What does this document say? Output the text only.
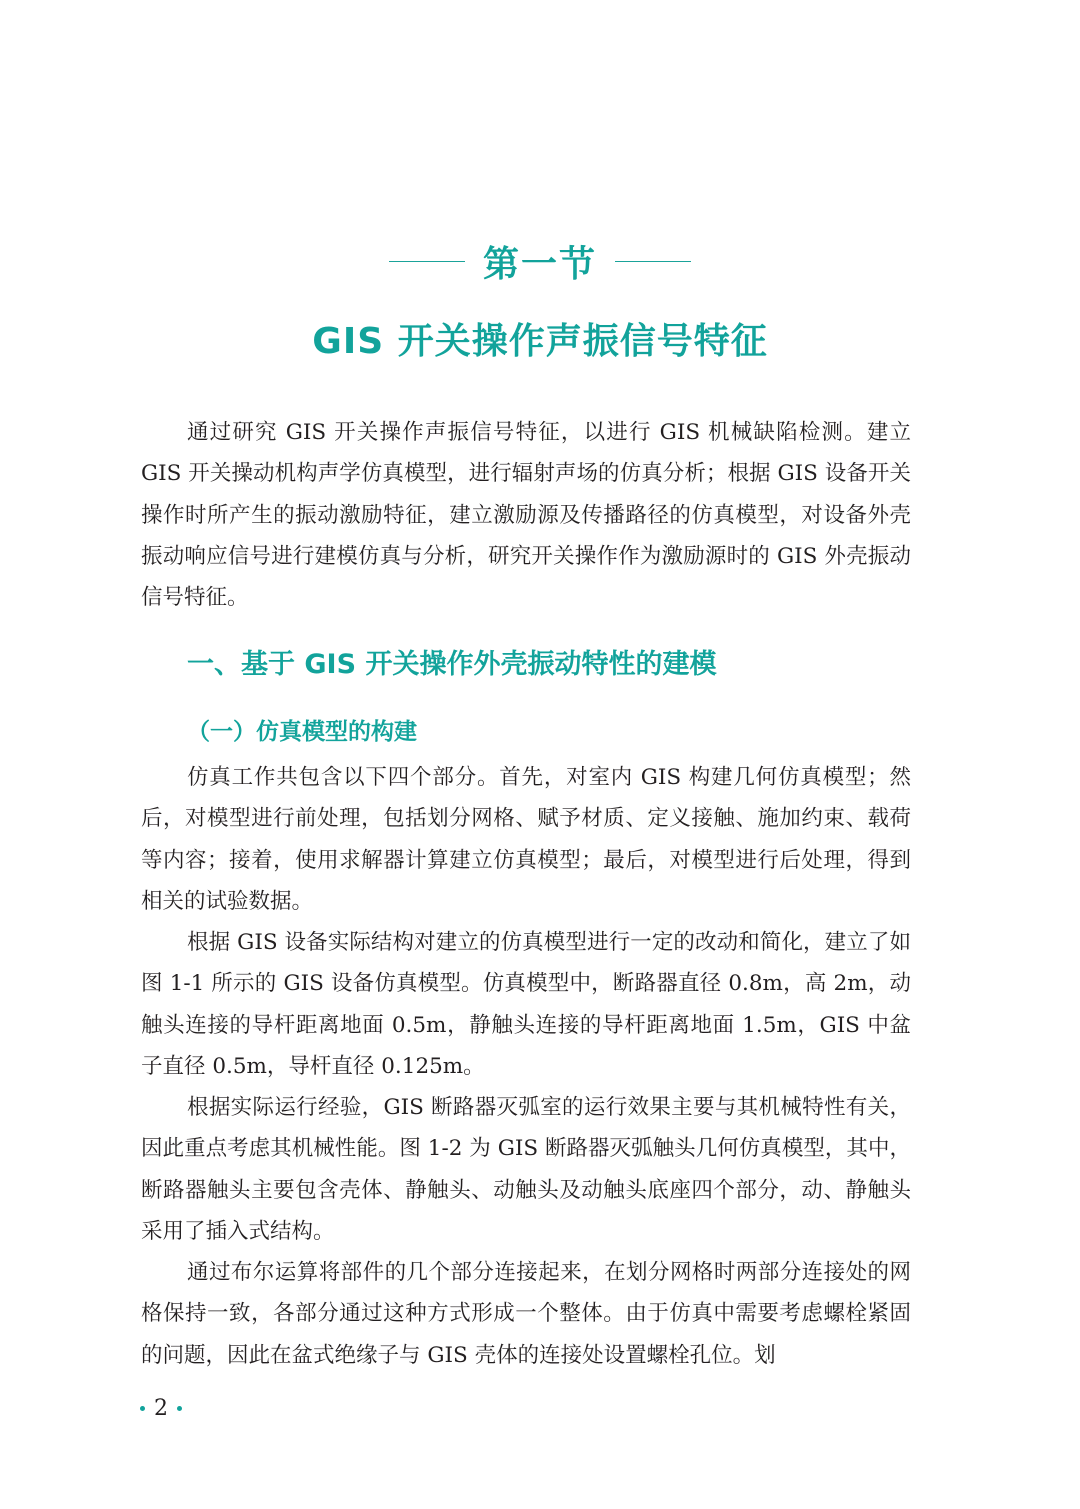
第一节
GIS 开关操作声振信号特征

通过研究 GIS 开关操作声振信号特征，以进行 GIS 机械缺陷检测。建立 GIS 开关操动机构声学仿真模型，进行辐射声场的仿真分析；根据 GIS 设备开关操作时所产生的振动激励特征，建立激励源及传播路径的仿真模型，对设备外壳振动响应信号进行建模仿真与分析，研究开关操作作为激励源时的 GIS 外壳振动信号特征。

一、基于 GIS 开关操作外壳振动特性的建模
（一）仿真模型的构建

仿真工作共包含以下四个部分。首先，对室内 GIS 构建几何仿真模型；然后，对模型进行前处理，包括划分网格、赋予材质、定义接触、施加约束、载荷等内容；接着，使用求解器计算建立仿真模型；最后，对模型进行后处理，得到相关的试验数据。

根据 GIS 设备实际结构对建立的仿真模型进行一定的改动和简化，建立了如图 1-1 所示的 GIS 设备仿真模型。仿真模型中，断路器直径 0.8m，高 2m，动触头连接的导杆距离地面 0.5m，静触头连接的导杆距离地面 1.5m，GIS 中盆子直径 0.5m，导杆直径 0.125m。

根据实际运行经验，GIS 断路器灭弧室的运行效果主要与其机械特性有关，因此重点考虑其机械性能。图 1-2 为 GIS 断路器灭弧触头几何仿真模型，其中，断路器触头主要包含壳体、静触头、动触头及动触头底座四个部分，动、静触头采用了插入式结构。

通过布尔运算将部件的几个部分连接起来，在划分网格时两部分连接处的网格保持一致，各部分通过这种方式形成一个整体。由于仿真中需要考虑螺栓紧固的问题，因此在盆式绝缘子与 GIS 壳体的连接处设置螺栓孔位。划

2
